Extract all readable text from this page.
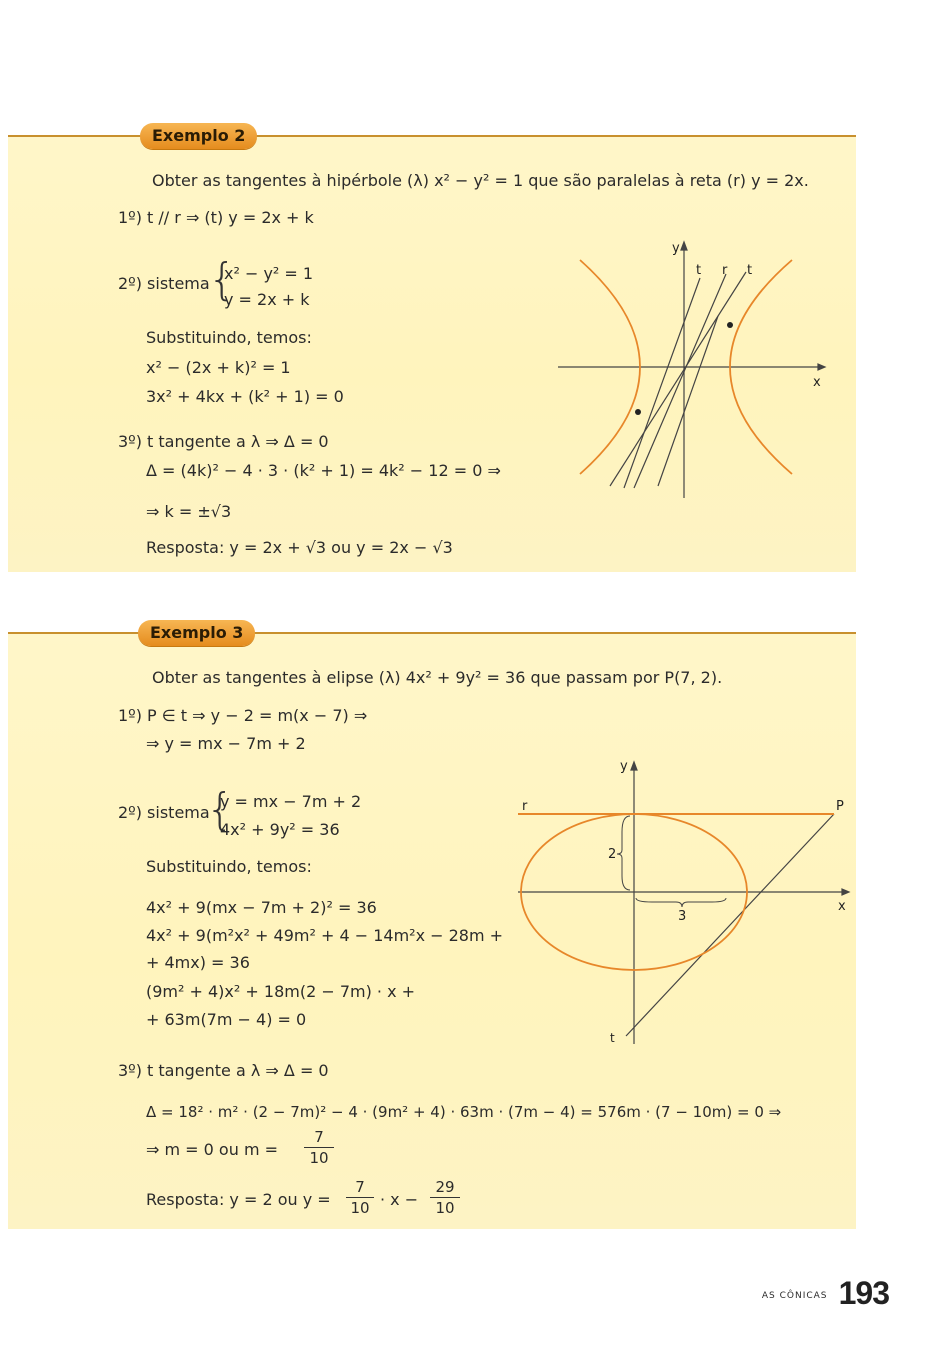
Exemplo 2
Obter as tangentes à hipérbole (λ) x² − y² = 1 que são paralelas à reta (r) y = 2x.
1º) t // r ⇒ (t) y = 2x + k
2º) sistema
{
x² − y² = 1
y = 2x + k
Substituindo, temos:
x² − (2x + k)² = 1
3x² + 4kx + (k² + 1) = 0
3º) t tangente a λ ⇒ Δ = 0
Δ = (4k)² − 4 · 3 · (k² + 1) = 4k² − 12 = 0 ⇒
⇒ k = ±√3
Resposta: y = 2x + √3 ou y = 2x − √3
y
x
t r t
Exemplo 3
Obter as tangentes à elipse (λ) 4x² + 9y² = 36 que passam por P(7, 2).
1º) P ∈ t ⇒ y − 2 = m(x − 7) ⇒
⇒ y = mx − 7m + 2
2º) sistema
{
y = mx − 7m + 2
4x² + 9y² = 36
Substituindo, temos:
4x² + 9(mx − 7m + 2)² = 36
4x² + 9(m²x² + 49m² + 4 − 14m²x − 28m +
+ 4mx) = 36
(9m² + 4)x² + 18m(2 − 7m) · x +
+ 63m(7m − 4) = 0
3º) t tangente a λ ⇒ Δ = 0
Δ = 18² · m² · (2 − 7m)² − 4 · (9m² + 4) · 63m · (7m − 4) = 576m · (7 − 10m) = 0 ⇒
⇒ m = 0 ou m =
7
10
Resposta: y = 2 ou y =
7
10 · x −
29
10
y
x
r	P
t
2
3
$^{AS CÔNICAS}$ 193
